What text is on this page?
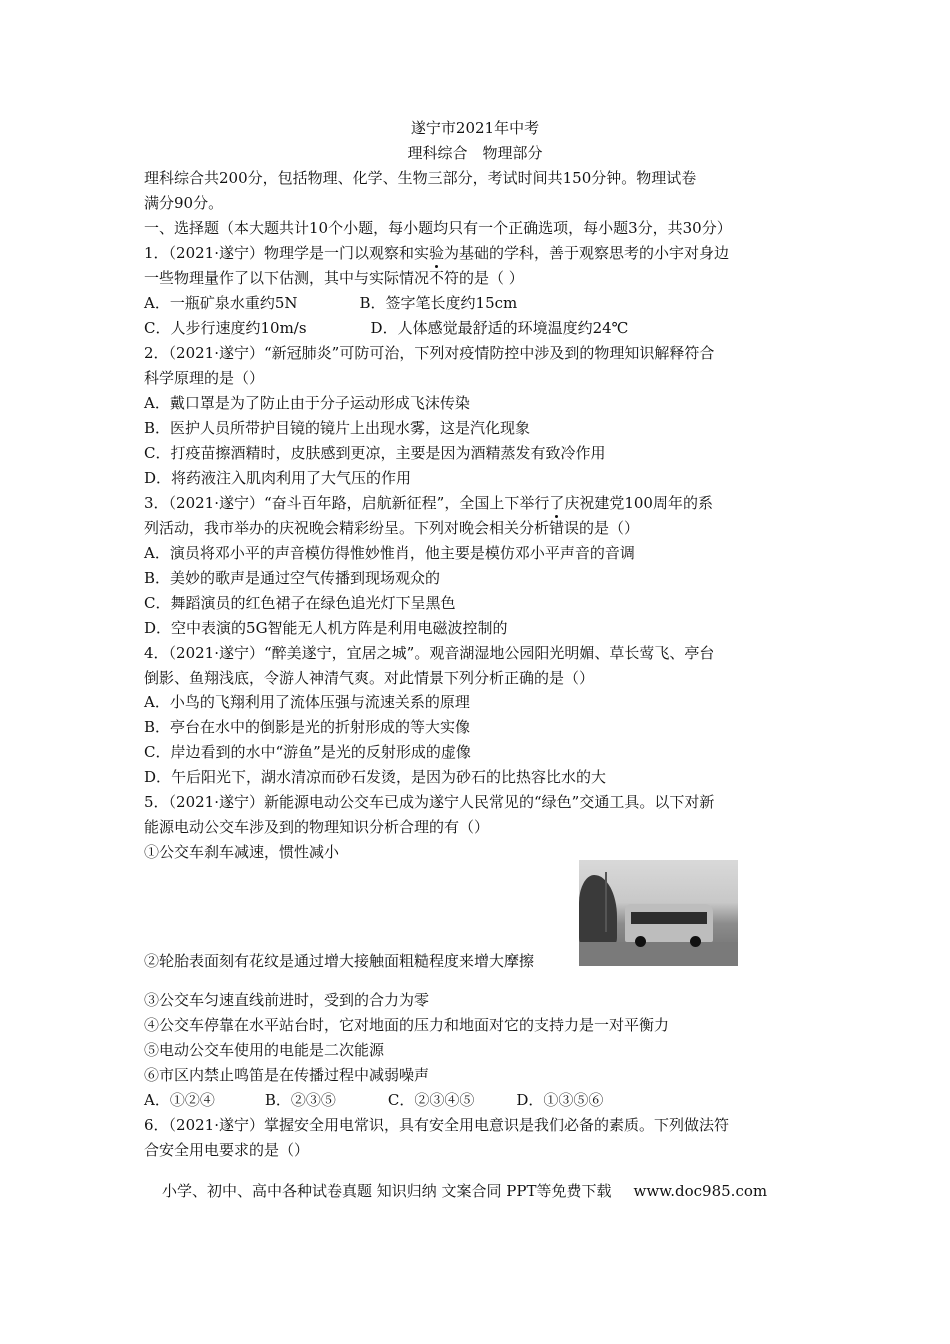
遂宁市2021年中考
理科综合　物理部分
理科综合共200分，包括物理、化学、生物三部分，考试时间共150分钟。物理试卷
满分90分。
一、选择题（本大题共计10个小题，每小题均只有一个正确选项，每小题3分，共30分）
1．（2021·遂宁）物理学是一门以观察和实验为基础的学科，善于观察思考的小宇对身边
一些物理量作了以下估测，其中与实际情况不符的是（ ）
A．一瓶矿泉水重约5N	B．签字笔长度约15cm
C．人步行速度约10m/s	D．人体感觉最舒适的环境温度约24℃
2．（2021·遂宁）“新冠肺炎”可防可治，下列对疫情防控中涉及到的物理知识解释符合
科学原理的是（）
A．戴口罩是为了防止由于分子运动形成飞沫传染
B．医护人员所带护目镜的镜片上出现水雾，这是汽化现象
C．打疫苗擦酒精时，皮肤感到更凉，主要是因为酒精蒸发有致冷作用
D．将药液注入肌肉利用了大气压的作用
3．（2021·遂宁）“奋斗百年路，启航新征程”，全国上下举行了庆祝建党100周年的系
列活动，我市举办的庆祝晚会精彩纷呈。下列对晚会相关分析错误的是（）
A．演员将邓小平的声音模仿得惟妙惟肖，他主要是模仿邓小平声音的音调
B．美妙的歌声是通过空气传播到现场观众的
C．舞蹈演员的红色裙子在绿色追光灯下呈黑色
D．空中表演的5G智能无人机方阵是利用电磁波控制的
4．（2021·遂宁）“醉美遂宁，宜居之城”。观音湖湿地公园阳光明媚、草长莺飞、亭台
倒影、鱼翔浅底，令游人神清气爽。对此情景下列分析正确的是（）
A．小鸟的飞翔利用了流体压强与流速关系的原理
B．亭台在水中的倒影是光的折射形成的等大实像
C．岸边看到的水中“游鱼”是光的反射形成的虚像
D．午后阳光下，湖水清凉而砂石发烫，是因为砂石的比热容比水的大
5．（2021·遂宁）新能源电动公交车已成为遂宁人民常见的“绿色”交通工具。以下对新
能源电动公交车涉及到的物理知识分析合理的有（）
①公交车刹车减速，惯性减小
②轮胎表面刻有花纹是通过增大接触面粗糙程度来增大摩擦
③公交车匀速直线前进时，受到的合力为零
④公交车停靠在水平站台时，它对地面的压力和地面对它的支持力是一对平衡力
⑤电动公交车使用的电能是二次能源
⑥市区内禁止鸣笛是在传播过程中减弱噪声
A．①②④	B．②③⑤	C．②③④⑤	D．①③⑤⑥
6．（2021·遂宁）掌握安全用电常识，具有安全用电意识是我们必备的素质。下列做法符
合安全用电要求的是（）
小学、初中、高中各种试卷真题 知识归纳 文案合同 PPT等免费下载 www.doc985.com
